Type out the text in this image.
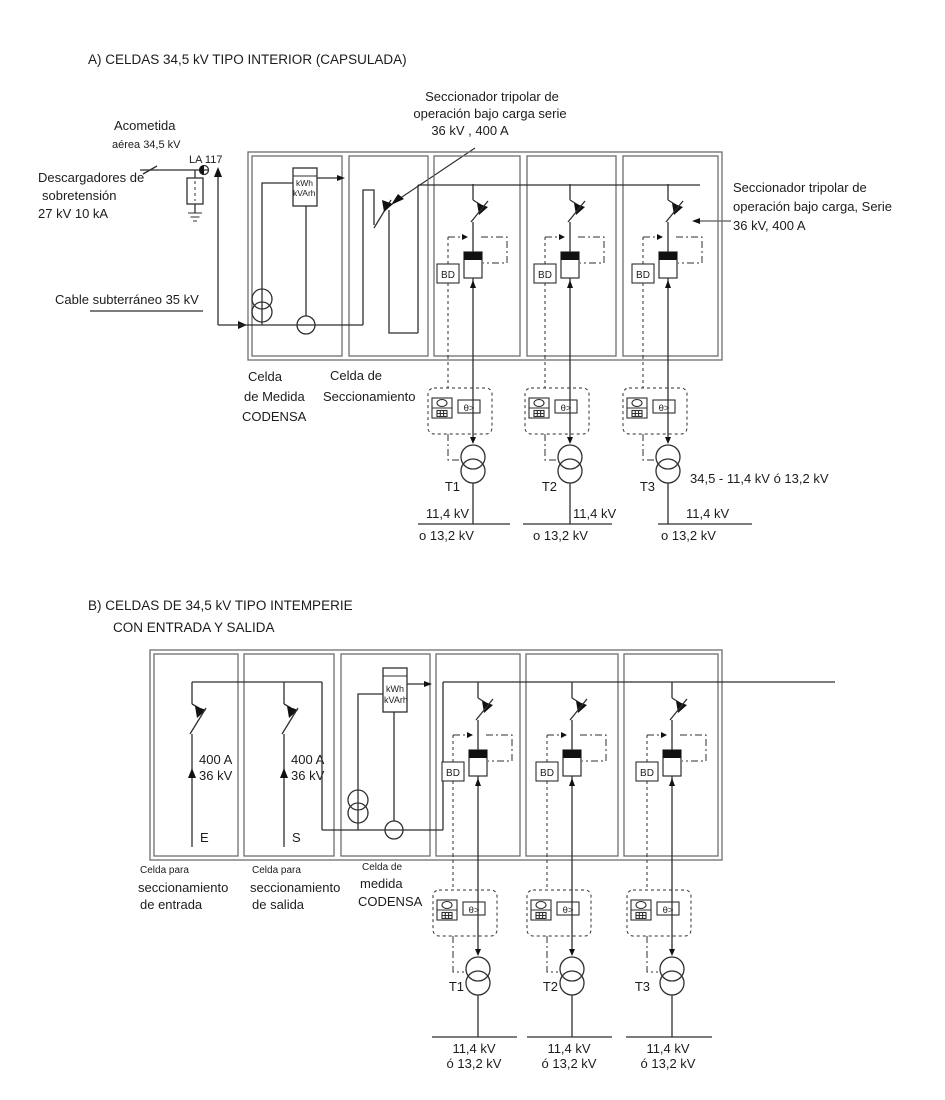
A) CELDAS 34,5 kV TIPO INTERIOR (CAPSULADA)
Acometida
aérea 34,5 kV
LA 117
Descargadores de
sobretensión
27 kV 10 kA
Cable subterráneo 35 kV
Seccionador tripolar de
operación bajo carga serie
36 kV , 400 A
Seccionador tripolar de
operación bajo carga, Serie
36 kV, 400 A
kWh
kVArh
BD	BD	BD
Celda
de Medida
CODENSA
Celda de
Seccionamiento
θ>	θ>	θ>
T1	T2	T3
34,5 - 11,4 kV ó 13,2 kV
11,4 kV
o 13,2 kV
11,4 kV
o 13,2 kV
11,4 kV
o 13,2 kV
B) CELDAS DE 34,5 kV TIPO INTEMPERIE
CON ENTRADA Y SALIDA
400 A
36 kV
400 A
36 kV
E	S
kWh
kVArh
BD	BD	BD
Celda para
seccionamiento
de entrada
Celda para
seccionamiento
de salida
Celda de
medida
CODENSA
θ>	θ>	θ>
T1	T2	T3
11,4 kV
ó 13,2 kV
11,4 kV
ó 13,2 kV
11,4 kV
ó 13,2 kV
